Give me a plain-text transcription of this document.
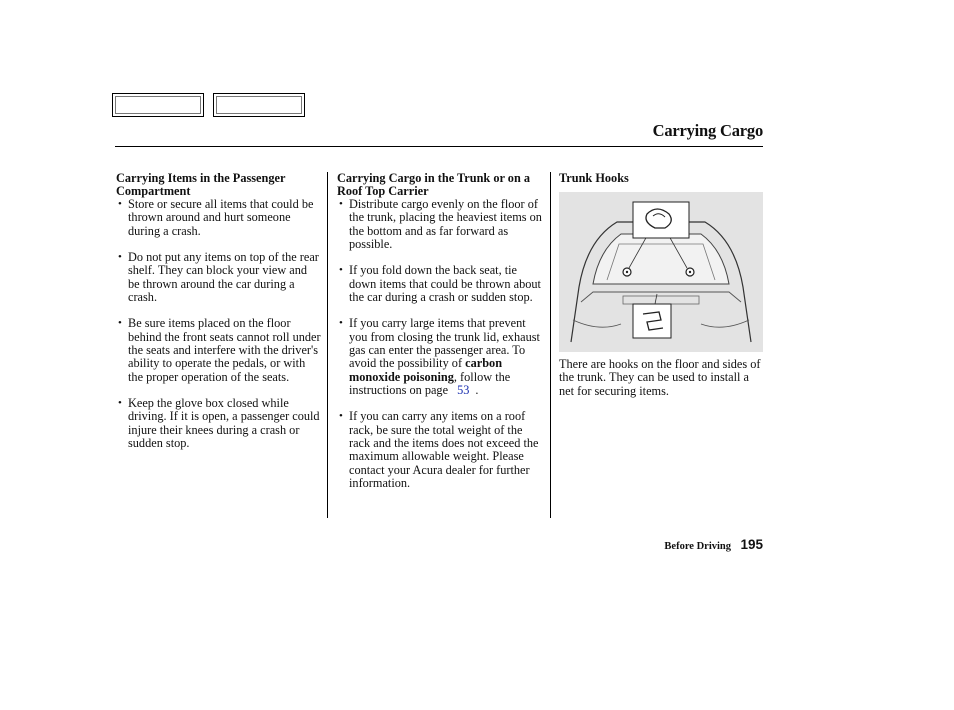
Carrying Cargo
Carrying Items in the Passenger Compartment
• Store or secure all items that could be thrown around and hurt someone during a crash.
• Do not put any items on top of the rear shelf. They can block your view and be thrown around the car during a crash.
• Be sure items placed on the floor behind the front seats cannot roll under the seats and interfere with the driver's ability to operate the pedals, or with the proper operation of the seats.
• Keep the glove box closed while driving. If it is open, a passenger could injure their knees during a crash or sudden stop.
Carrying Cargo in the Trunk or on a Roof Top Carrier
• Distribute cargo evenly on the floor of the trunk, placing the heaviest items on the bottom and as far forward as possible.
• If you fold down the back seat, tie down items that could be thrown about the car during a crash or sudden stop.
• If you carry large items that prevent you from closing the trunk lid, exhaust gas can enter the passenger area. To avoid the possibility of carbon monoxide poisoning, follow the instructions on page 53 .
• If you can carry any items on a roof rack, be sure the total weight of the rack and the items does not exceed the maximum allowable weight. Please contact your Acura dealer for further information.
Trunk Hooks
There are hooks on the floor and sides of the trunk. They can be used to install a net for securing items.
Before Driving 195
